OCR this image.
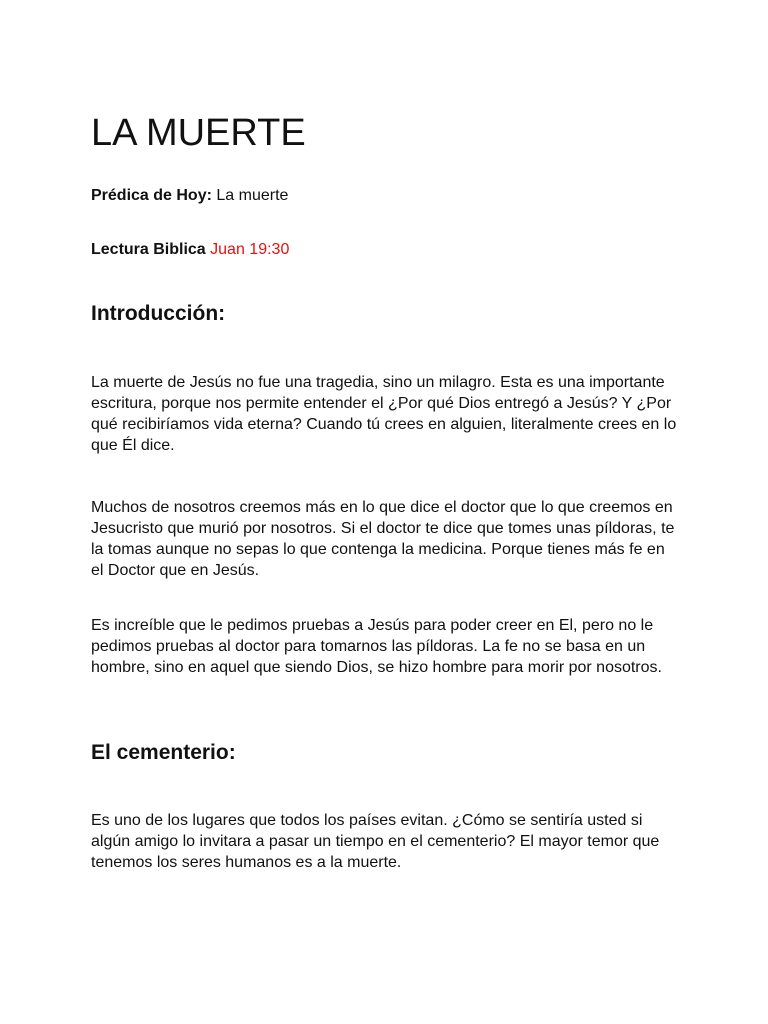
LA MUERTE

Prédica de Hoy: La muerte

Lectura Biblica Juan 19:30

Introducción:

La muerte de Jesús no fue una tragedia, sino un milagro. Esta es una importante escritura, porque nos permite entender el ¿Por qué Dios entregó a Jesús? Y ¿Por qué recibiríamos vida eterna? Cuando tú crees en alguien, literalmente crees en lo que Él dice.

Muchos de nosotros creemos más en lo que dice el doctor que lo que creemos en Jesucristo que murió por nosotros. Si el doctor te dice que tomes unas píldoras, te la tomas aunque no sepas lo que contenga la medicina. Porque tienes más fe en el Doctor que en Jesús.

Es increíble que le pedimos pruebas a Jesús para poder creer en El, pero no le pedimos pruebas al doctor para tomarnos las píldoras. La fe no se basa en un hombre, sino en aquel que siendo Dios, se hizo hombre para morir por nosotros.

El cementerio:

Es uno de los lugares que todos los países evitan. ¿Cómo se sentiría usted si algún amigo lo invitara a pasar un tiempo en el cementerio? El mayor temor que tenemos los seres humanos es a la muerte.
